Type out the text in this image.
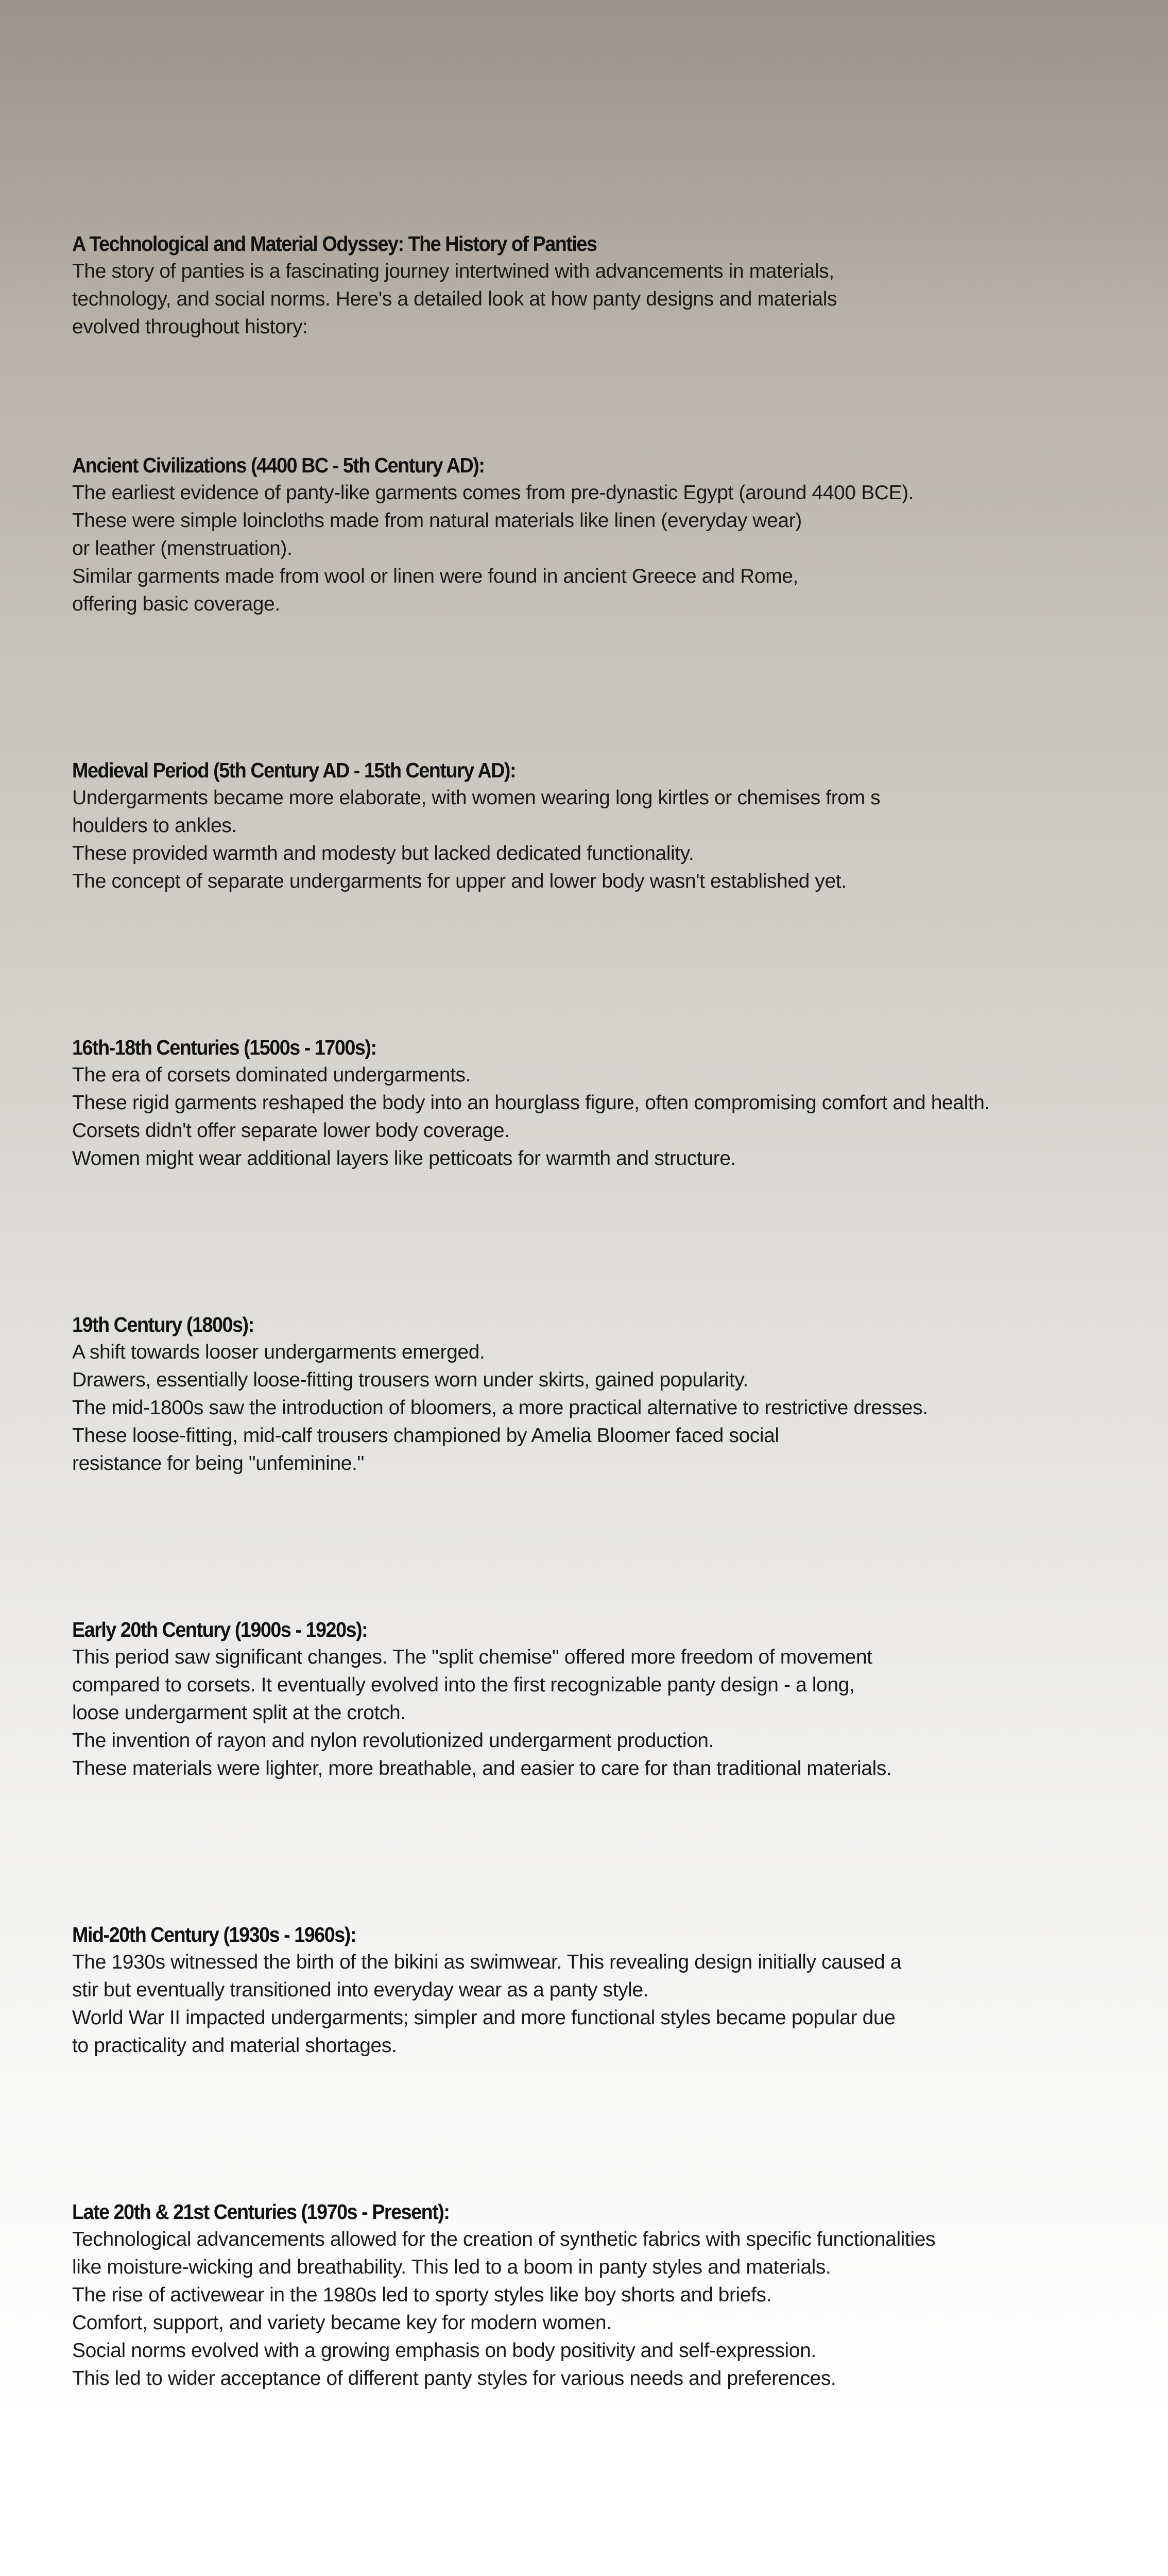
A Technological and Material Odyssey: The History of Panties
The story of panties is a fascinating journey intertwined with advancements in materials,
technology, and social norms. Here's a detailed look at how panty designs and materials
evolved throughout history:
Ancient Civilizations (4400 BC - 5th Century AD):
The earliest evidence of panty-like garments comes from pre-dynastic Egypt (around 4400 BCE).
These were simple loincloths made from natural materials like linen (everyday wear)
or leather (menstruation).
Similar garments made from wool or linen were found in ancient Greece and Rome,
offering basic coverage.
Medieval Period (5th Century AD - 15th Century AD):
Undergarments became more elaborate, with women wearing long kirtles or chemises from s
houlders to ankles.
These provided warmth and modesty but lacked dedicated functionality.
The concept of separate undergarments for upper and lower body wasn't established yet.
16th-18th Centuries (1500s - 1700s):
The era of corsets dominated undergarments.
These rigid garments reshaped the body into an hourglass figure, often compromising comfort and health.
Corsets didn't offer separate lower body coverage.
Women might wear additional layers like petticoats for warmth and structure.
19th Century (1800s):
A shift towards looser undergarments emerged.
Drawers, essentially loose-fitting trousers worn under skirts, gained popularity.
The mid-1800s saw the introduction of bloomers, a more practical alternative to restrictive dresses.
These loose-fitting, mid-calf trousers championed by Amelia Bloomer faced social
resistance for being "unfeminine."
Early 20th Century (1900s - 1920s):
This period saw significant changes. The "split chemise" offered more freedom of movement
compared to corsets. It eventually evolved into the first recognizable panty design - a long,
loose undergarment split at the crotch.
The invention of rayon and nylon revolutionized undergarment production.
These materials were lighter, more breathable, and easier to care for than traditional materials.
Mid-20th Century (1930s - 1960s):
The 1930s witnessed the birth of the bikini as swimwear. This revealing design initially caused a
stir but eventually transitioned into everyday wear as a panty style.
World War II impacted undergarments; simpler and more functional styles became popular due
to practicality and material shortages.
Late 20th & 21st Centuries (1970s - Present):
Technological advancements allowed for the creation of synthetic fabrics with specific functionalities
like moisture-wicking and breathability. This led to a boom in panty styles and materials.
The rise of activewear in the 1980s led to sporty styles like boy shorts and briefs.
Comfort, support, and variety became key for modern women.
Social norms evolved with a growing emphasis on body positivity and self-expression.
This led to wider acceptance of different panty styles for various needs and preferences.
